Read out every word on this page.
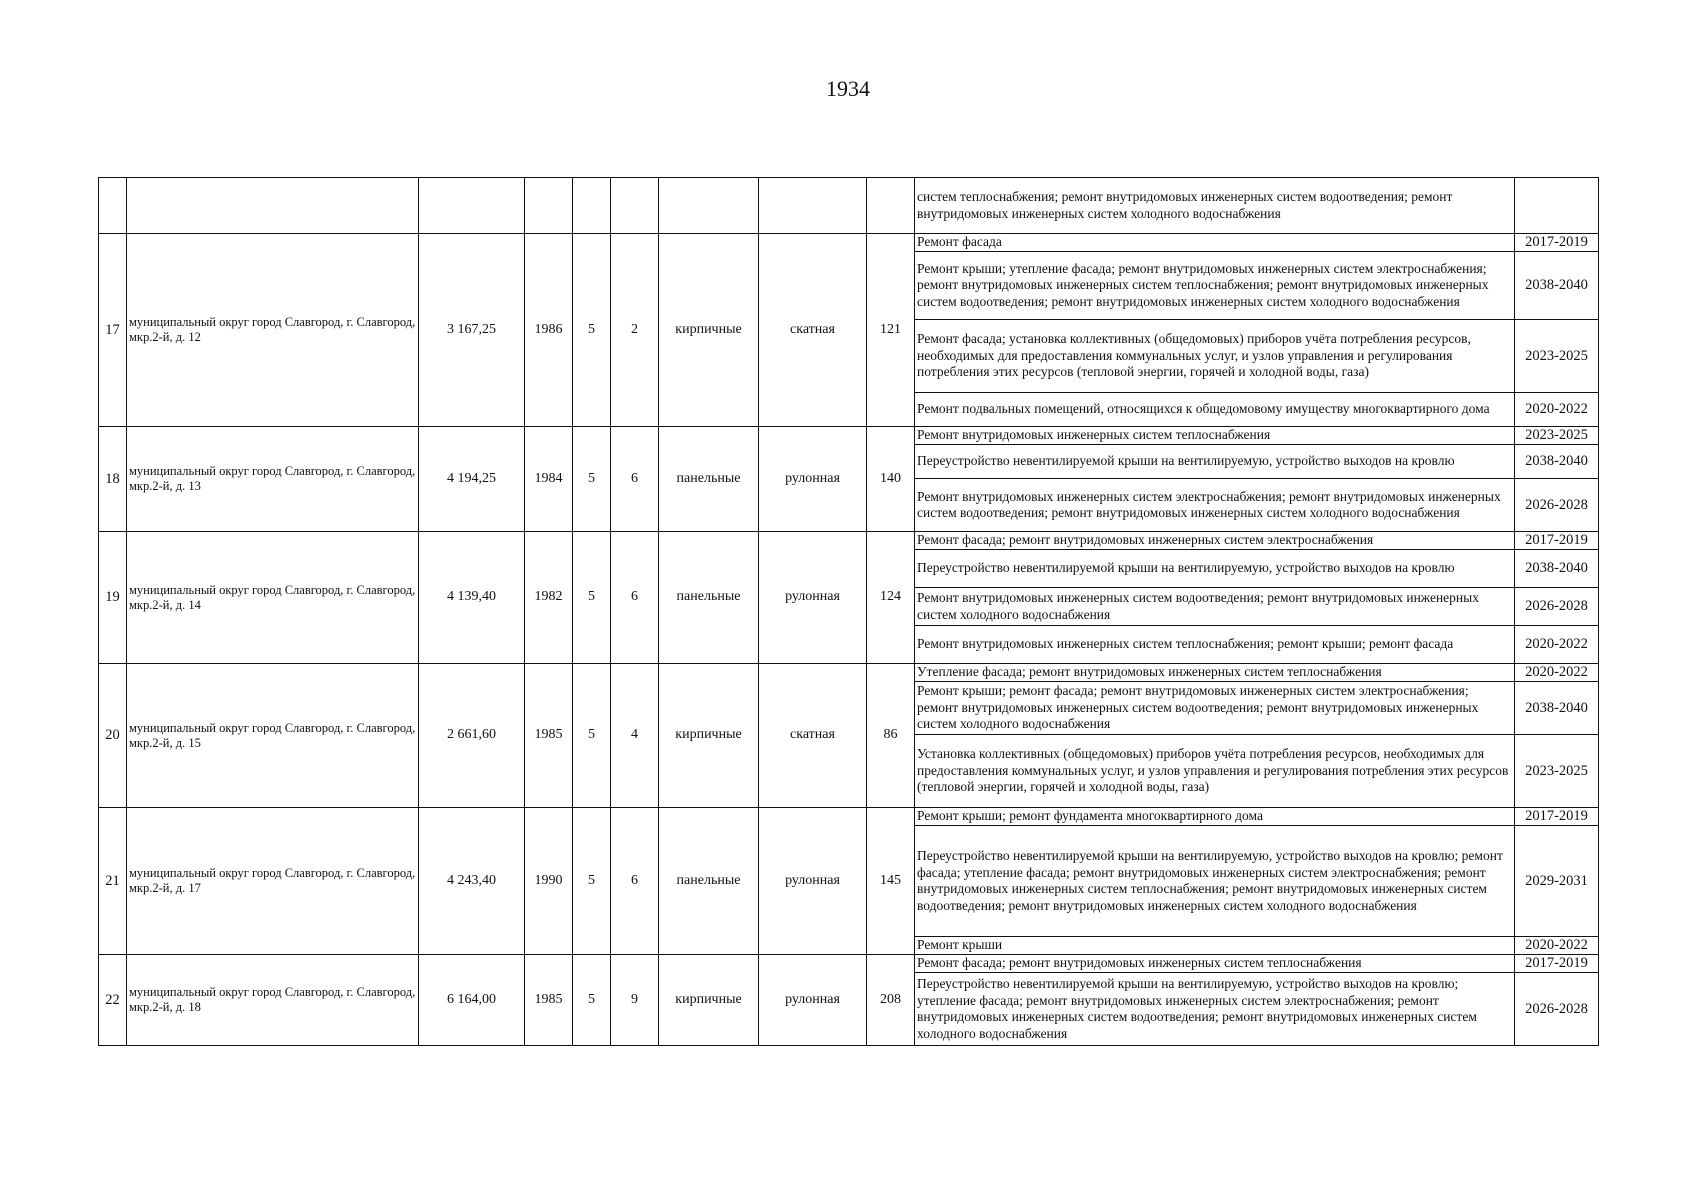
1934
									систем теплоснабжения; ремонт внутридомовых инженерных систем водоотведения; ремонт внутридомовых инженерных систем холодного водоснабжения	
17	муниципальный округ город Славгород, г. Славгород, мкр.2-й, д. 12	3 167,25	1986	5	2	кирпичные	скатная	121	Ремонт фасада	2017-2019
									Ремонт крыши; утепление фасада; ремонт внутридомовых инженерных систем электроснабжения; ремонт внутридомовых инженерных систем теплоснабжения; ремонт внутридомовых инженерных систем водоотведения; ремонт внутридомовых инженерных систем холодного водоснабжения	2038-2040
									Ремонт фасада; установка коллективных (общедомовых) приборов учёта потребления ресурсов, необходимых для предоставления коммунальных услуг, и узлов управления и регулирования потребления этих ресурсов (тепловой энергии, горячей и холодной воды, газа)	2023-2025
									Ремонт подвальных помещений, относящихся к общедомовому имуществу многоквартирного дома	2020-2022
18	муниципальный округ город Славгород, г. Славгород, мкр.2-й, д. 13	4 194,25	1984	5	6	панельные	рулонная	140	Ремонт внутридомовых инженерных систем теплоснабжения	2023-2025
									Переустройство невентилируемой крыши на вентилируемую, устройство выходов на кровлю	2038-2040
									Ремонт внутридомовых инженерных систем электроснабжения; ремонт внутридомовых инженерных систем водоотведения; ремонт внутридомовых инженерных систем холодного водоснабжения	2026-2028
19	муниципальный округ город Славгород, г. Славгород, мкр.2-й, д. 14	4 139,40	1982	5	6	панельные	рулонная	124	Ремонт фасада; ремонт внутридомовых инженерных систем электроснабжения	2017-2019
									Переустройство невентилируемой крыши на вентилируемую, устройство выходов на кровлю	2038-2040
									Ремонт внутридомовых инженерных систем водоотведения; ремонт внутридомовых инженерных систем холодного водоснабжения	2026-2028
									Ремонт внутридомовых инженерных систем теплоснабжения; ремонт крыши; ремонт фасада	2020-2022
20	муниципальный округ город Славгород, г. Славгород, мкр.2-й, д. 15	2 661,60	1985	5	4	кирпичные	скатная	86	Утепление фасада; ремонт внутридомовых инженерных систем теплоснабжения	2020-2022
									Ремонт крыши; ремонт фасада; ремонт внутридомовых инженерных систем электроснабжения; ремонт внутридомовых инженерных систем водоотведения; ремонт внутридомовых инженерных систем холодного водоснабжения	2038-2040
									Установка коллективных (общедомовых) приборов учёта потребления ресурсов, необходимых для предоставления коммунальных услуг, и узлов управления и регулирования потребления этих ресурсов (тепловой энергии, горячей и холодной воды, газа)	2023-2025
21	муниципальный округ город Славгород, г. Славгород, мкр.2-й, д. 17	4 243,40	1990	5	6	панельные	рулонная	145	Ремонт крыши; ремонт фундамента многоквартирного дома	2017-2019
									Переустройство невентилируемой крыши на вентилируемую, устройство выходов на кровлю; ремонт фасада; утепление фасада; ремонт внутридомовых инженерных систем электроснабжения; ремонт внутридомовых инженерных систем теплоснабжения; ремонт внутридомовых инженерных систем водоотведения; ремонт внутридомовых инженерных систем холодного водоснабжения	2029-2031
									Ремонт крыши	2020-2022
22	муниципальный округ город Славгород, г. Славгород, мкр.2-й, д. 18	6 164,00	1985	5	9	кирпичные	рулонная	208	Ремонт фасада; ремонт внутридомовых инженерных систем теплоснабжения	2017-2019
									Переустройство невентилируемой крыши на вентилируемую, устройство выходов на кровлю; утепление фасада; ремонт внутридомовых инженерных систем электроснабжения; ремонт внутридомовых инженерных систем водоотведения; ремонт внутридомовых инженерных систем холодного водоснабжения	2026-2028
